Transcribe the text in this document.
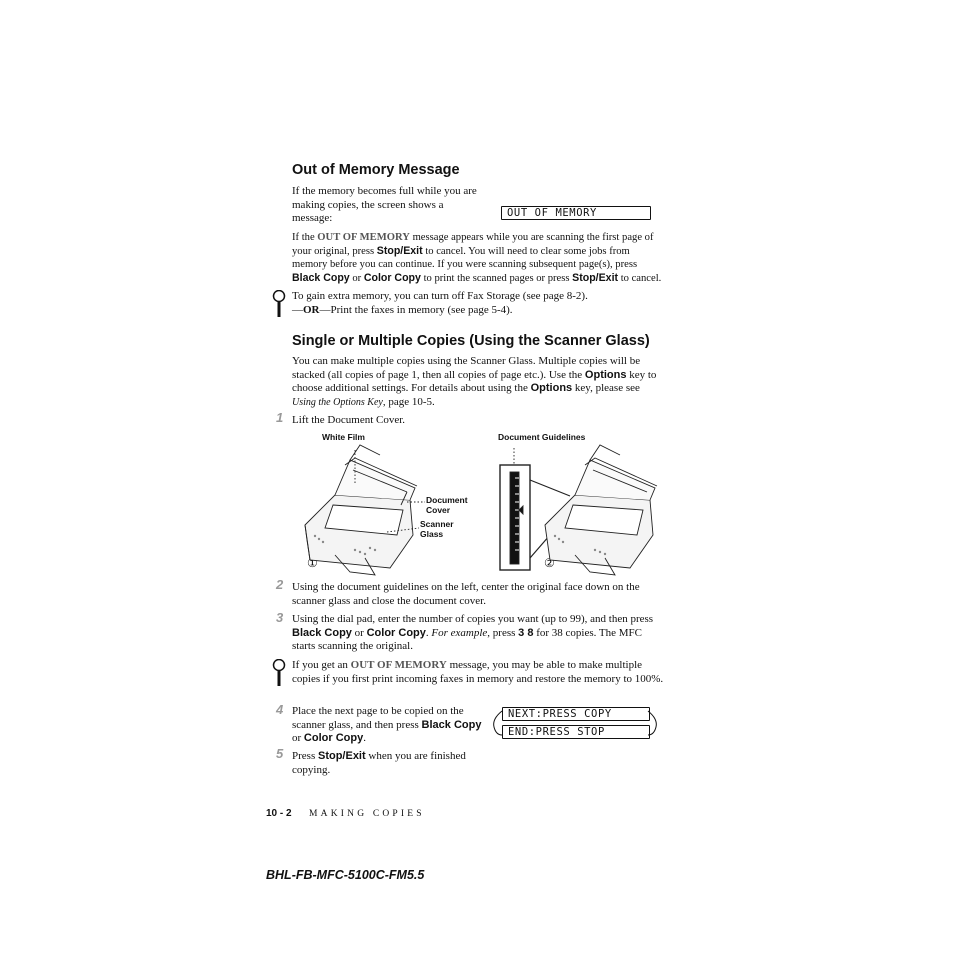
Out of Memory Message
If the memory becomes full while you are making copies, the screen shows a message:	OUT OF MEMORY
If the OUT OF MEMORY message appears while you are scanning the first page of your original, press Stop/Exit to cancel. You will need to clear some jobs from memory before you can continue. If you were scanning subsequent page(s), press Black Copy or Color Copy to print the scanned pages or press Stop/Exit to cancel.
To gain extra memory, you can turn off Fax Storage (see page 8-2).
—OR—Print the faxes in memory (see page 5-4).
Single or Multiple Copies (Using the Scanner Glass)
You can make multiple copies using the Scanner Glass. Multiple copies will be stacked (all copies of page 1, then all copies of page etc.). Use the Options key to choose additional settings. For details about using the Options key, please see Using the Options Key, page 10-5.
1 Lift the Document Cover.
White Film	Document Guidelines
Document
Cover
Scanner
Glass
①	②
2 Using the document guidelines on the left, center the original face down on the scanner glass and close the document cover.
3 Using the dial pad, enter the number of copies you want (up to 99), and then press Black Copy or Color Copy. For example, press 3 8 for 38 copies. The MFC starts scanning the original.
If you get an OUT OF MEMORY message, you may be able to make multiple copies if you first print incoming faxes in memory and restore the memory to 100%.
4 Place the next page to be copied on the scanner glass, and then press Black Copy or Color Copy.
NEXT:PRESS COPY
END:PRESS STOP
5 Press Stop/Exit when you are finished copying.
10 - 2 MAKING COPIES
BHL-FB-MFC-5100C-FM5.5
